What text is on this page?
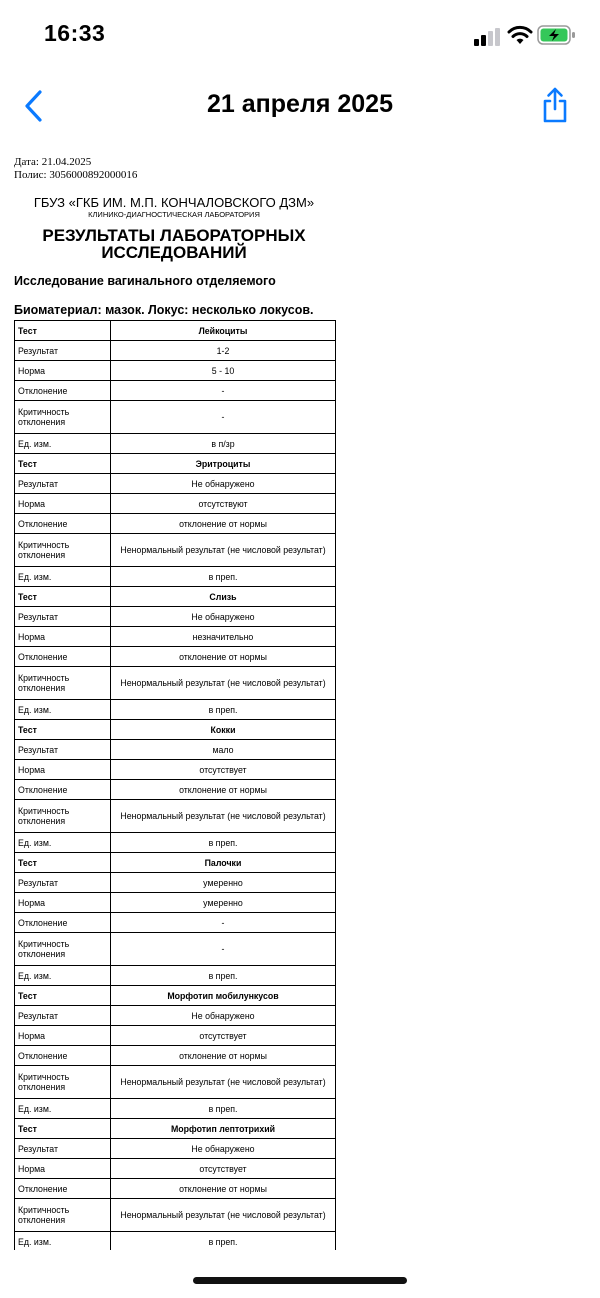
16:33
21 апреля 2025
Дата: 21.04.2025
Полис: 3056000892000016
ГБУЗ «ГКБ ИМ. М.П. КОНЧАЛОВСКОГО ДЗМ»
КЛИНИКО-ДИАГНОСТИЧЕСКАЯ ЛАБОРАТОРИЯ
РЕЗУЛЬТАТЫ ЛАБОРАТОРНЫХ
ИССЛЕДОВАНИЙ
Исследование вагинального отделяемого
Биоматериал: мазок. Локус: несколько локусов.
Тест	Лейкоциты
Результат	1-2
Норма	5 - 10
Отклонение	-
Критичность отклонения	-
Ед. изм.	в п/зр
Тест	Эритроциты
Результат	Не обнаружено
Норма	отсутствуют
Отклонение	отклонение от нормы
Критичность отклонения	Ненормальный результат (не числовой результат)
Ед. изм.	в преп.
Тест	Слизь
Результат	Не обнаружено
Норма	незначительно
Отклонение	отклонение от нормы
Критичность отклонения	Ненормальный результат (не числовой результат)
Ед. изм.	в преп.
Тест	Кокки
Результат	мало
Норма	отсутствует
Отклонение	отклонение от нормы
Критичность отклонения	Ненормальный результат (не числовой результат)
Ед. изм.	в преп.
Тест	Палочки
Результат	умеренно
Норма	умеренно
Отклонение	-
Критичность отклонения	-
Ед. изм.	в преп.
Тест	Морфотип мобилункусов
Результат	Не обнаружено
Норма	отсутствует
Отклонение	отклонение от нормы
Критичность отклонения	Ненормальный результат (не числовой результат)
Ед. изм.	в преп.
Тест	Морфотип лептотрихий
Результат	Не обнаружено
Норма	отсутствует
Отклонение	отклонение от нормы
Критичность отклонения	Ненормальный результат (не числовой результат)
Ед. изм.	в преп.
